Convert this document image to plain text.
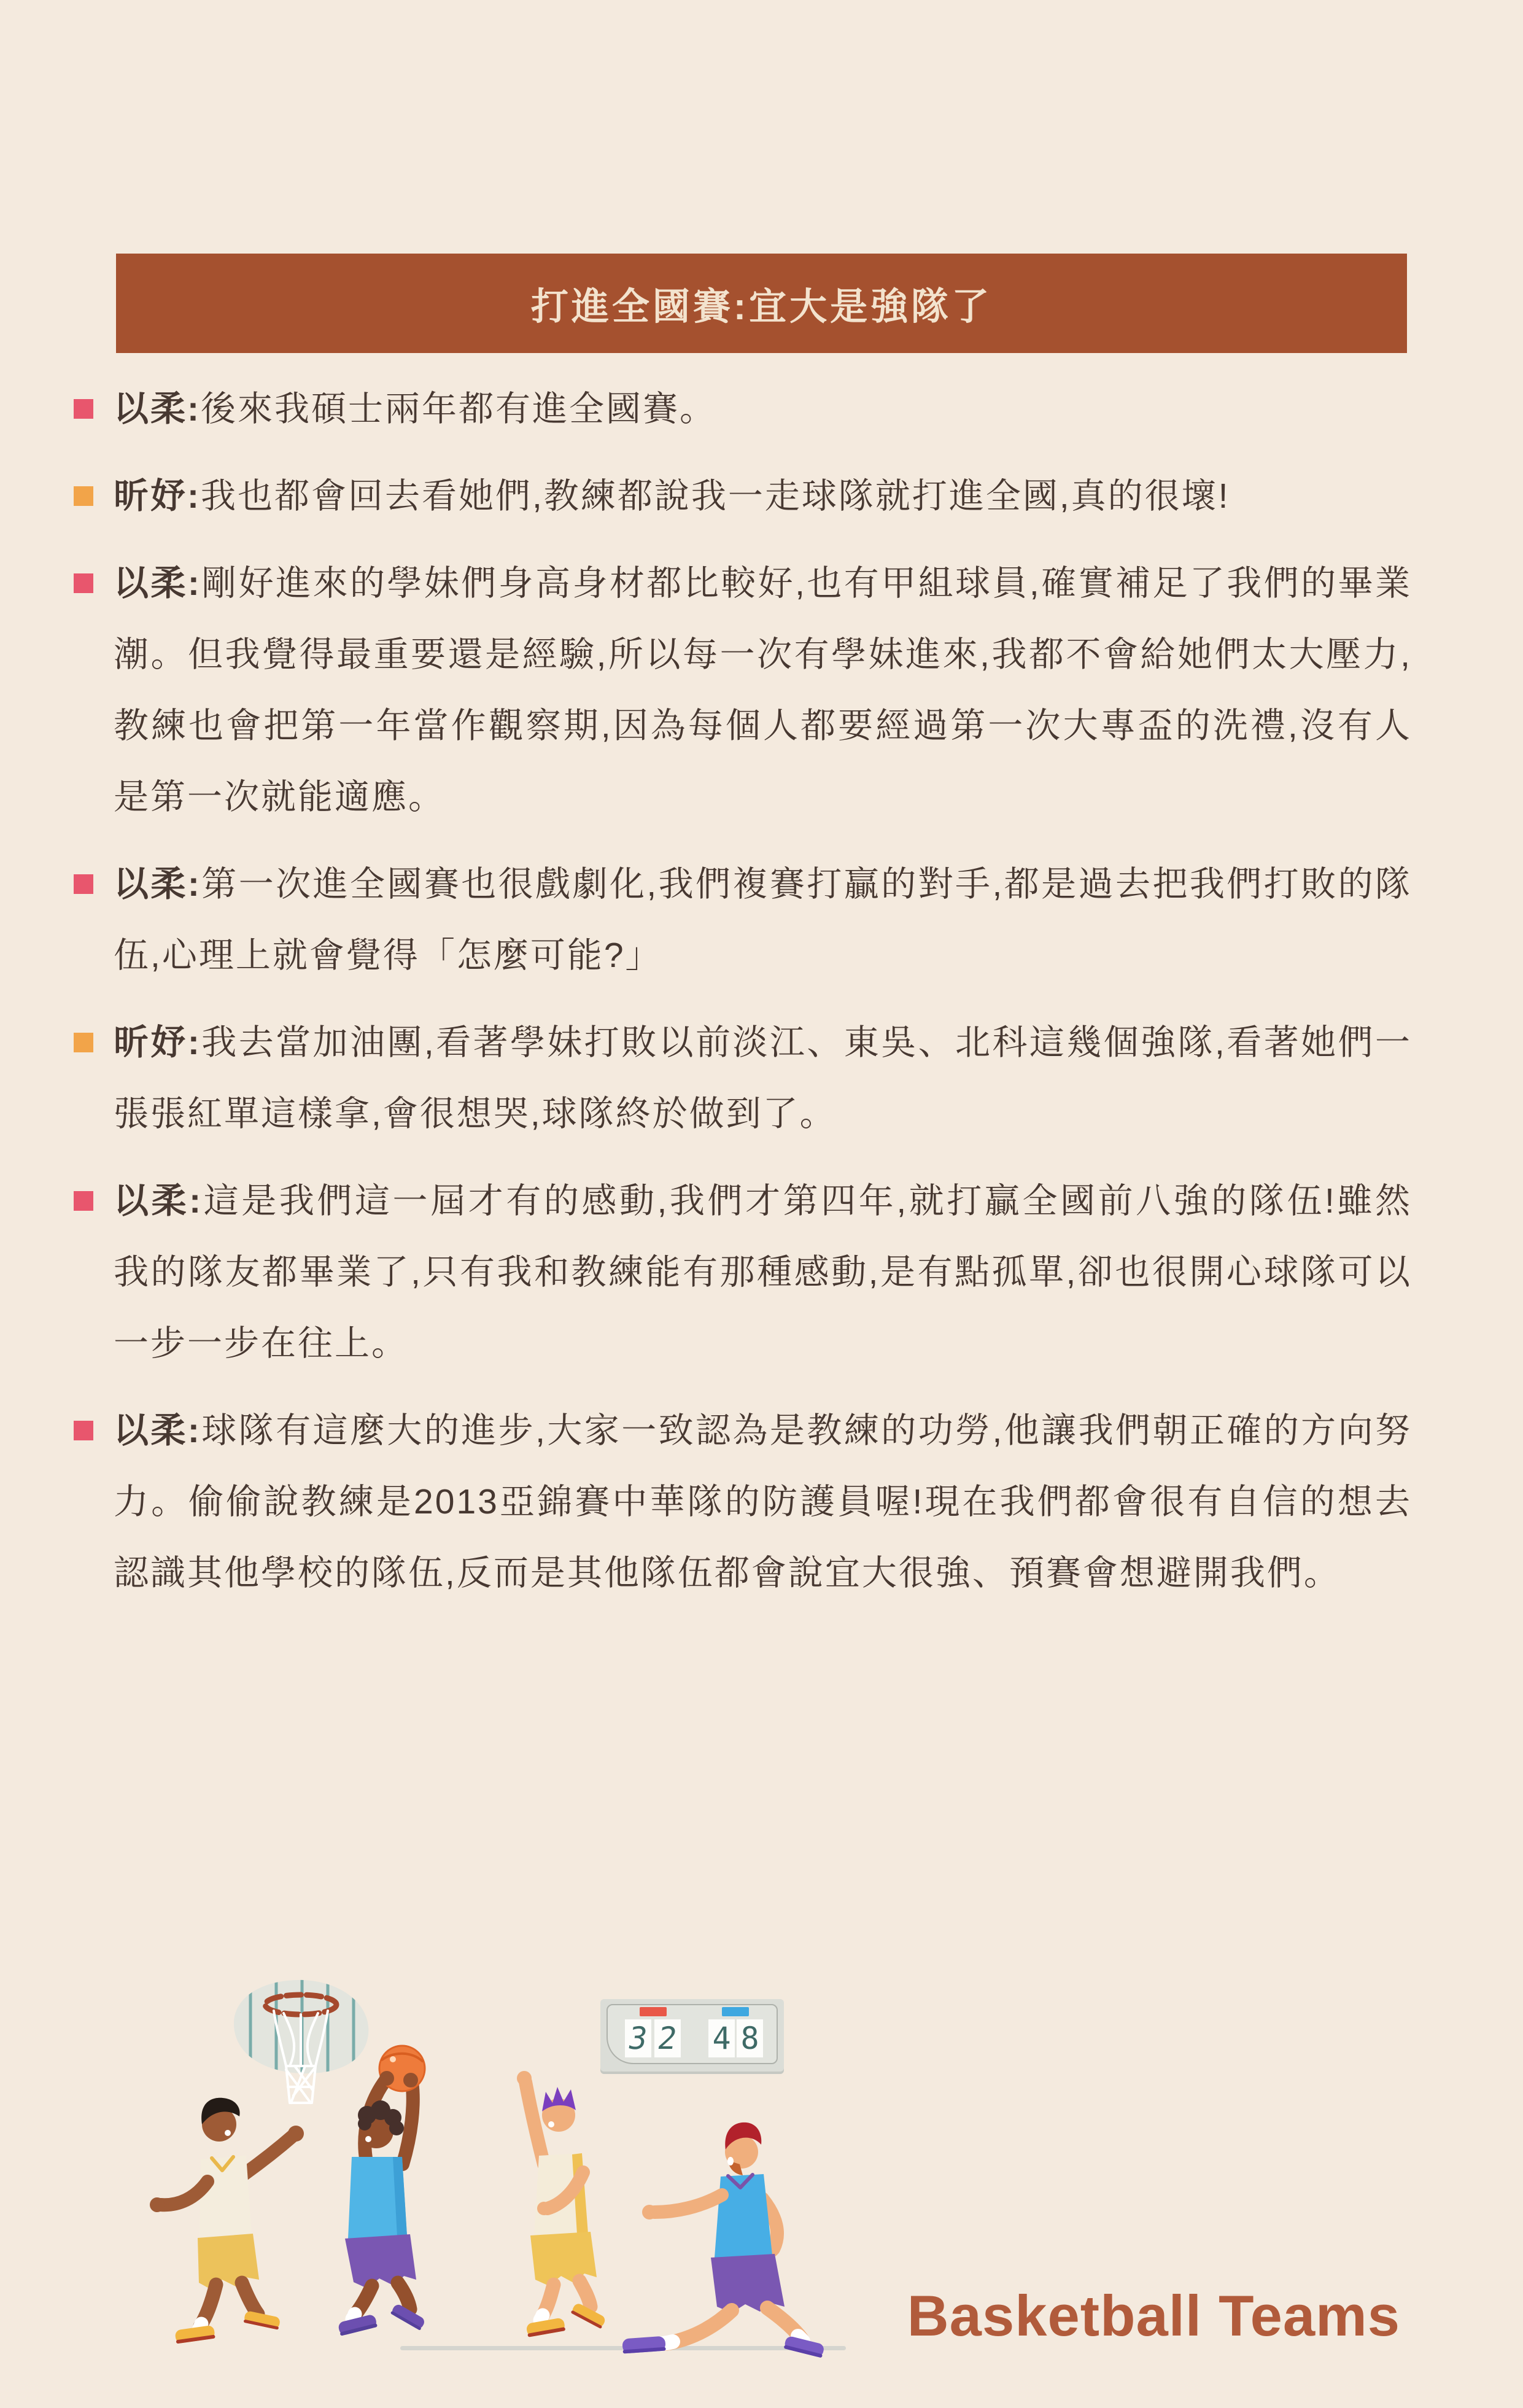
打進全國賽:宜大是強隊了

以柔:後來我碩士兩年都有進全國賽。

昕妤:我也都會回去看她們,教練都說我一走球隊就打進全國,真的很壞!

以柔:剛好進來的學妹們身高身材都比較好,也有甲組球員,確實補足了我們的畢業潮。但我覺得最重要還是經驗,所以每一次有學妹進來,我都不會給她們太大壓力,教練也會把第一年當作觀察期,因為每個人都要經過第一次大專盃的洗禮,沒有人是第一次就能適應。

以柔:第一次進全國賽也很戲劇化,我們複賽打贏的對手,都是過去把我們打敗的隊伍,心理上就會覺得「怎麼可能?」

昕妤:我去當加油團,看著學妹打敗以前淡江、東吳、北科這幾個強隊,看著她們一張張紅單這樣拿,會很想哭,球隊終於做到了。

以柔:這是我們這一屆才有的感動,我們才第四年,就打贏全國前八強的隊伍!雖然我的隊友都畢業了,只有我和教練能有那種感動,是有點孤單,卻也很開心球隊可以一步一步在往上。

以柔:球隊有這麼大的進步,大家一致認為是教練的功勞,他讓我們朝正確的方向努力。偷偷說教練是2013亞錦賽中華隊的防護員喔!現在我們都會很有自信的想去認識其他學校的隊伍,反而是其他隊伍都會說宜大很強、預賽會想避開我們。

3 2 4 8
Basketball Teams
